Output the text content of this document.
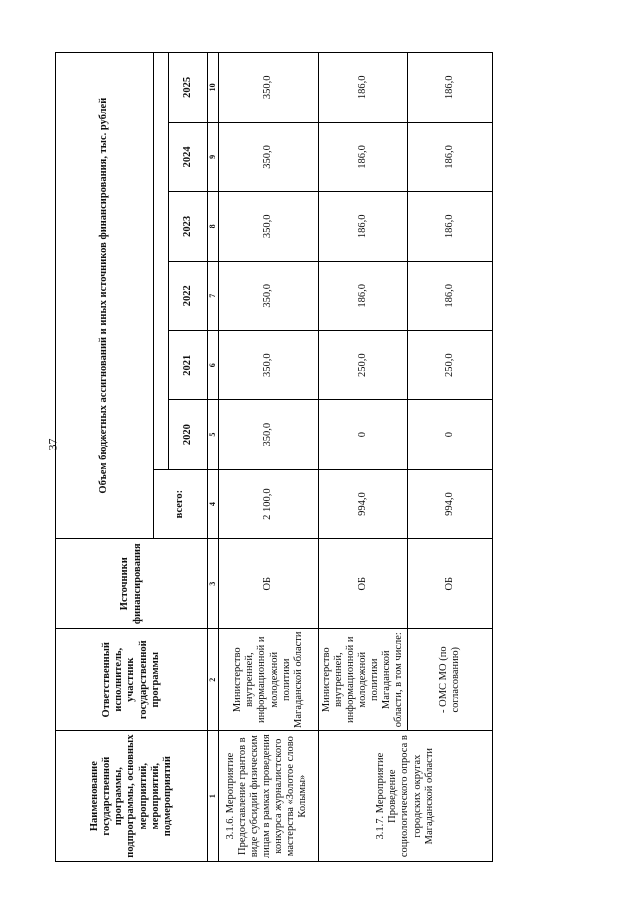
37
Наименование государственной программы, подпрограммы, основных мероприятий, мероприятий, подмероприятий	Ответственный исполнитель, участник государственной программы	Источники финансирования	Объем бюджетных ассигнований и иных источников финансирования, тыс. рублей						
			всего:						
				2020	2021	2022	2023	2024	2025
1	2	3	4	5	6	7	8	9	10
3.1.6. Мероприятие Предоставление грантов в виде субсидий физическим лицам в рамках проведения конкурса журналистского мастерства «Золотое слово Колымы»	Министерство внутренней, информационной и молодежной политики Магаданской области	ОБ	2 100,0	350,0	350,0	350,0	350,0	350,0	350,0
3.1.7. Мероприятие Проведение социологического опроса в городских округах Магаданской области	Министерство внутренней, информационной и молодежной политики Магаданской области, в том числе:	ОБ	994,0	0	250,0	186,0	186,0	186,0	186,0
	- ОМС МО (по согласованию)	ОБ	994,0	0	250,0	186,0	186,0	186,0	186,0
